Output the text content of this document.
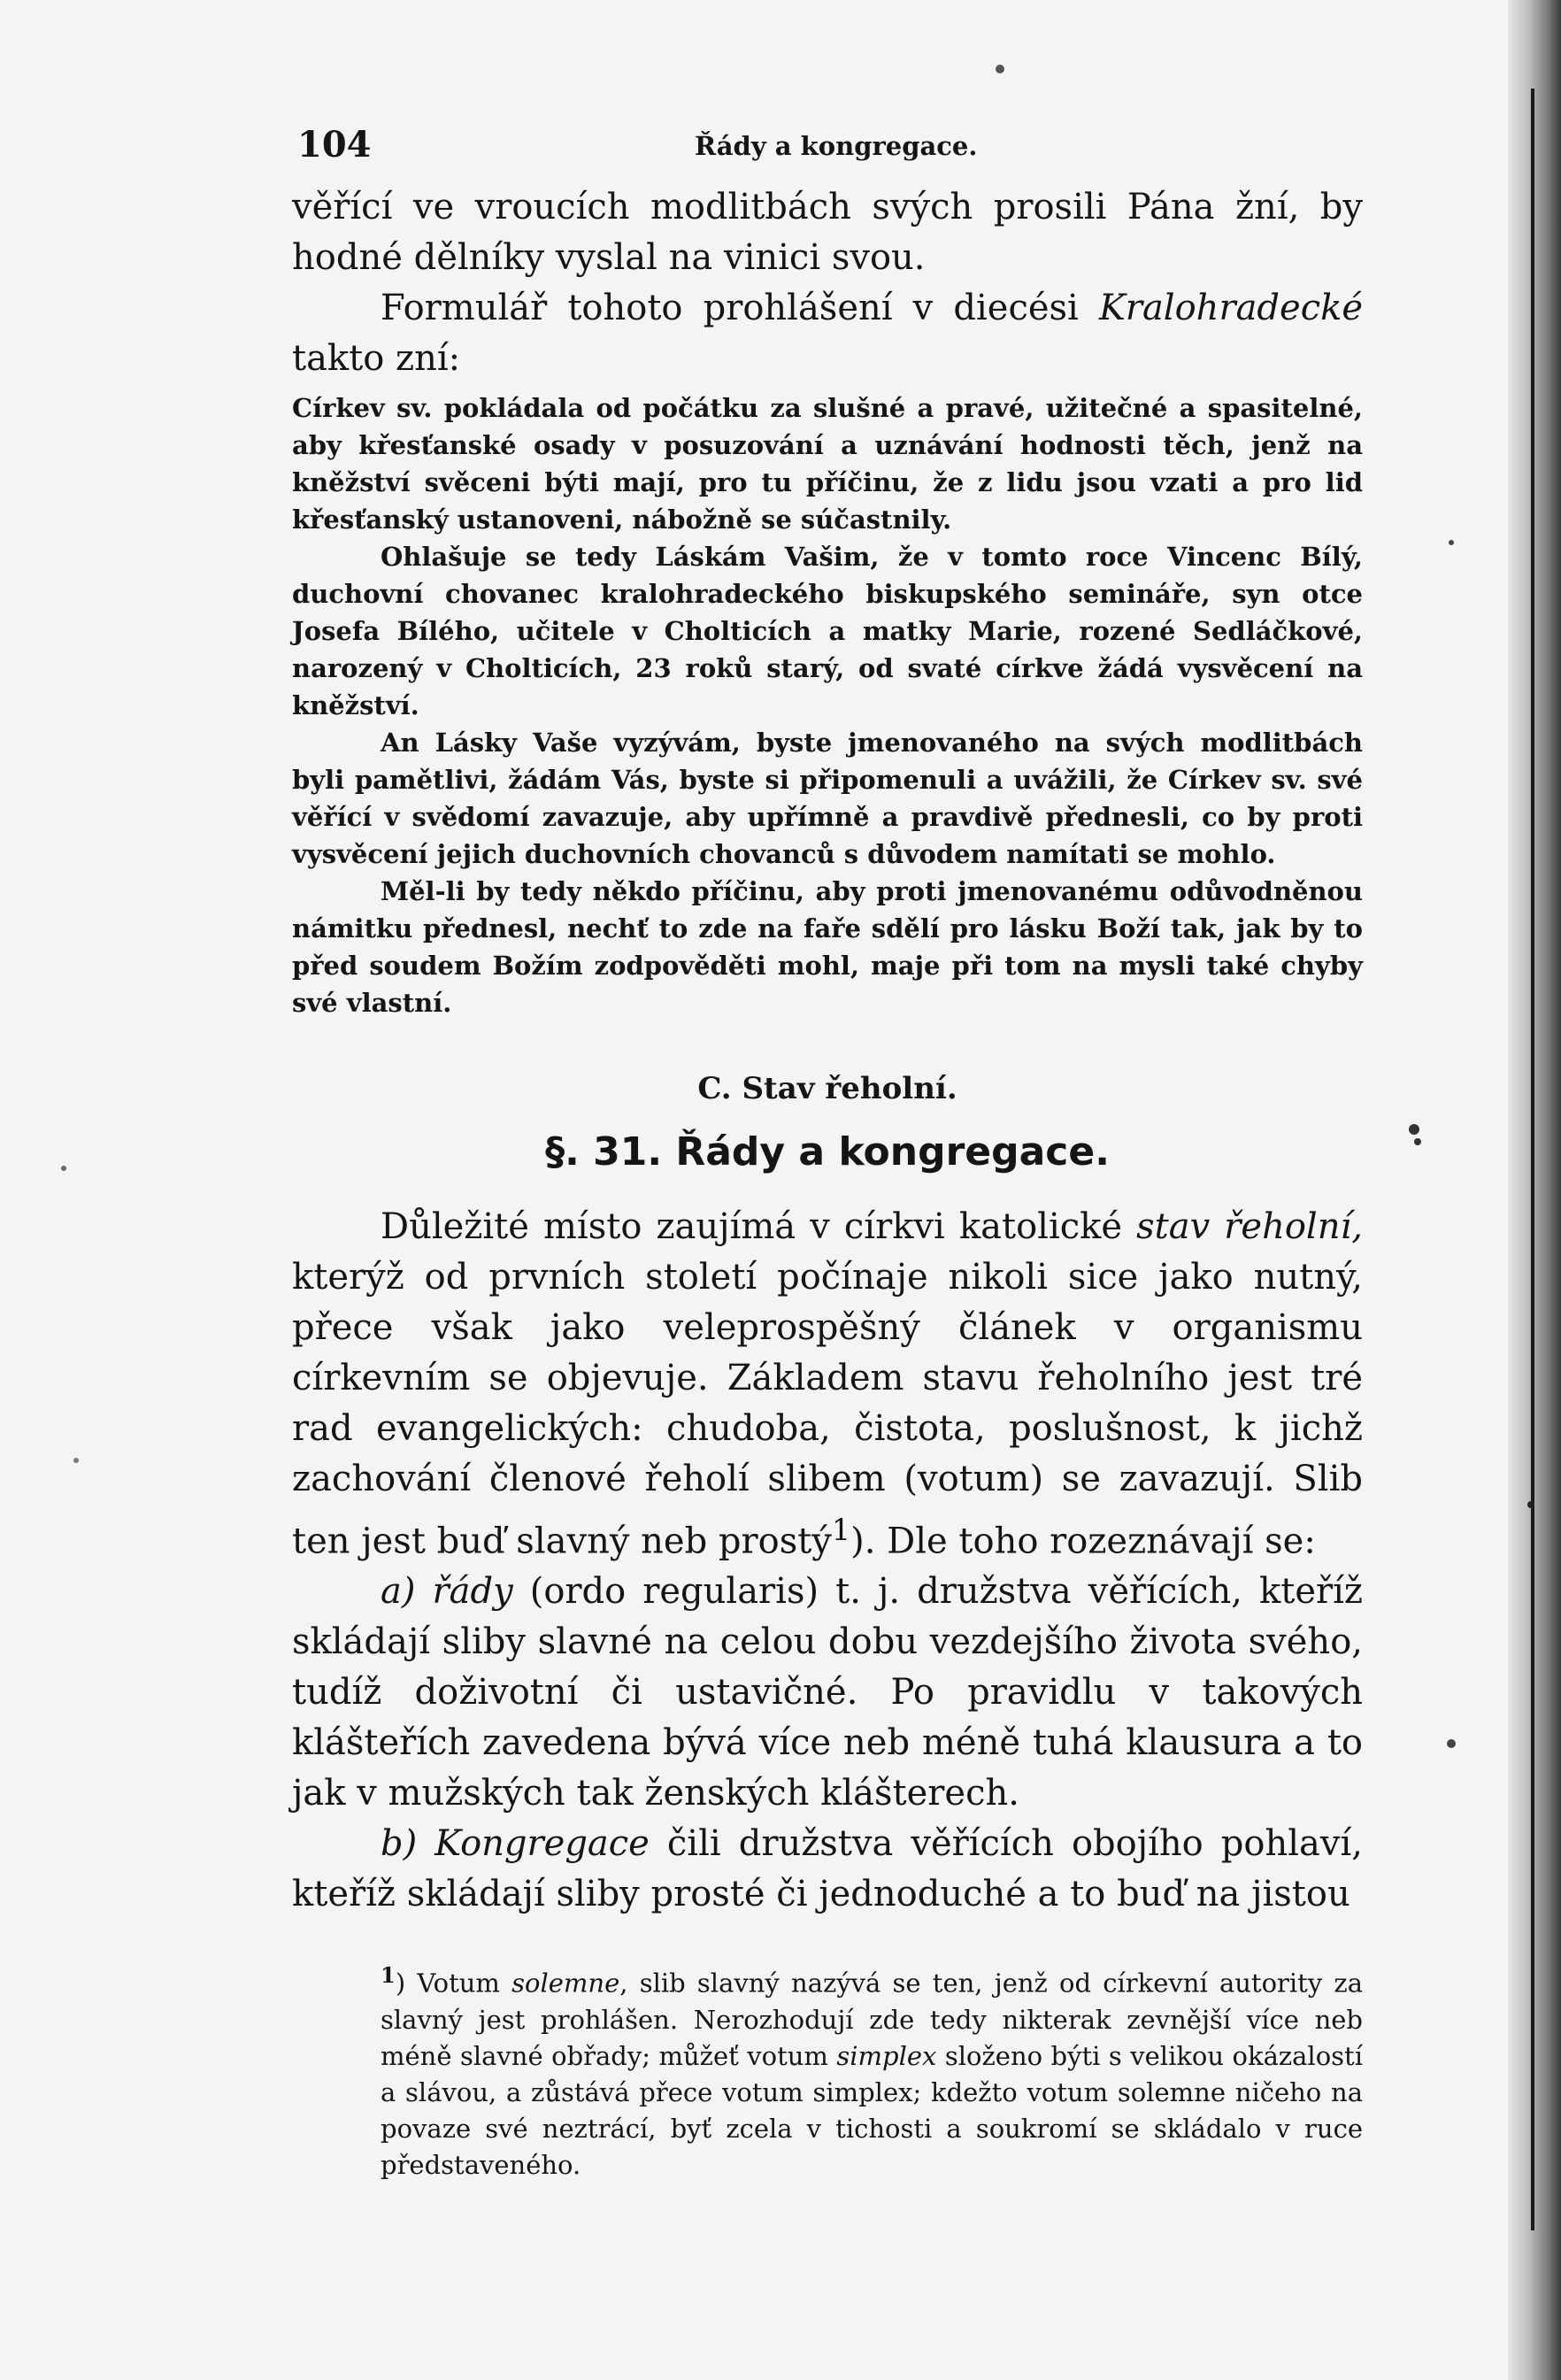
104	Řády a kongregace.

věřící ve vroucích modlitbách svých prosili Pána žní, by hodné dělníky vyslal na vinici svou.

Formulář tohoto prohlášení v diecési Kralohradecké takto zní:

Církev sv. pokládala od počátku za slušné a pravé, užitečné a spasitelné, aby křesťanské osady v posuzování a uznávání hodnosti těch, jenž na kněžství svěceni býti mají, pro tu příčinu, že z lidu jsou vzati a pro lid křesťanský ustanoveni, nábožně se súčastnily.

Ohlašuje se tedy Láskám Vašim, že v tomto roce Vincenc Bílý, duchovní chovanec kralohradeckého biskupského semináře, syn otce Josefa Bílého, učitele v Cholticích a matky Marie, rozené Sedláčkové, narozený v Cholticích, 23 roků starý, od svaté církve žádá vysvěcení na kněžství.

An Lásky Vaše vyzývám, byste jmenovaného na svých modlitbách byli pamětlivi, žádám Vás, byste si připomenuli a uvážili, že Církev sv. své věřící v svědomí zavazuje, aby upřímně a pravdivě přednesli, co by proti vysvěcení jejich duchovních chovanců s důvodem namítati se mohlo.

Měl-li by tedy někdo příčinu, aby proti jmenovanému odůvodněnou námitku přednesl, nechť to zde na faře sdělí pro lásku Boží tak, jak by to před soudem Božím zodpověděti mohl, maje při tom na mysli také chyby své vlastní.

C. Stav řeholní.
§. 31. Řády a kongregace.

Důležité místo zaujímá v církvi katolické stav řeholní, kterýž od prvních století počínaje nikoli sice jako nutný, přece však jako veleprospěšný článek v organismu církevním se objevuje. Základem stavu řeholního jest tré rad evangelických: chudoba, čistota, poslušnost, k jichž zachování členové řeholí slibem (votum) se zavazují. Slib ten jest buď slavný neb prostý$^1$). Dle toho rozeznávají se:

a) řády (ordo regularis) t. j. družstva věřících, kteříž skládají sliby slavné na celou dobu vezdejšího života svého, tudíž doživotní či ustavičné. Po pravidlu v takových klášteřích zavedena bývá více neb méně tuhá klausura a to jak v mužských tak ženských klášterech.

b) Kongregace čili družstva věřících obojího pohlaví, kteříž skládají sliby prosté či jednoduché a to buď na jistou

$^1$) Votum solemne, slib slavný nazývá se ten, jenž od církevní autority za slavný jest prohlášen. Nerozhodují zde tedy nikterak zevnější více neb méně slavné obřady; můžeť votum simplex složeno býti s velikou okázalostí a slávou, a zůstává přece votum simplex; kdežto votum solemne ničeho na povaze své neztrácí, byť zcela v tichosti a soukromí se skládalo v ruce představeného.
